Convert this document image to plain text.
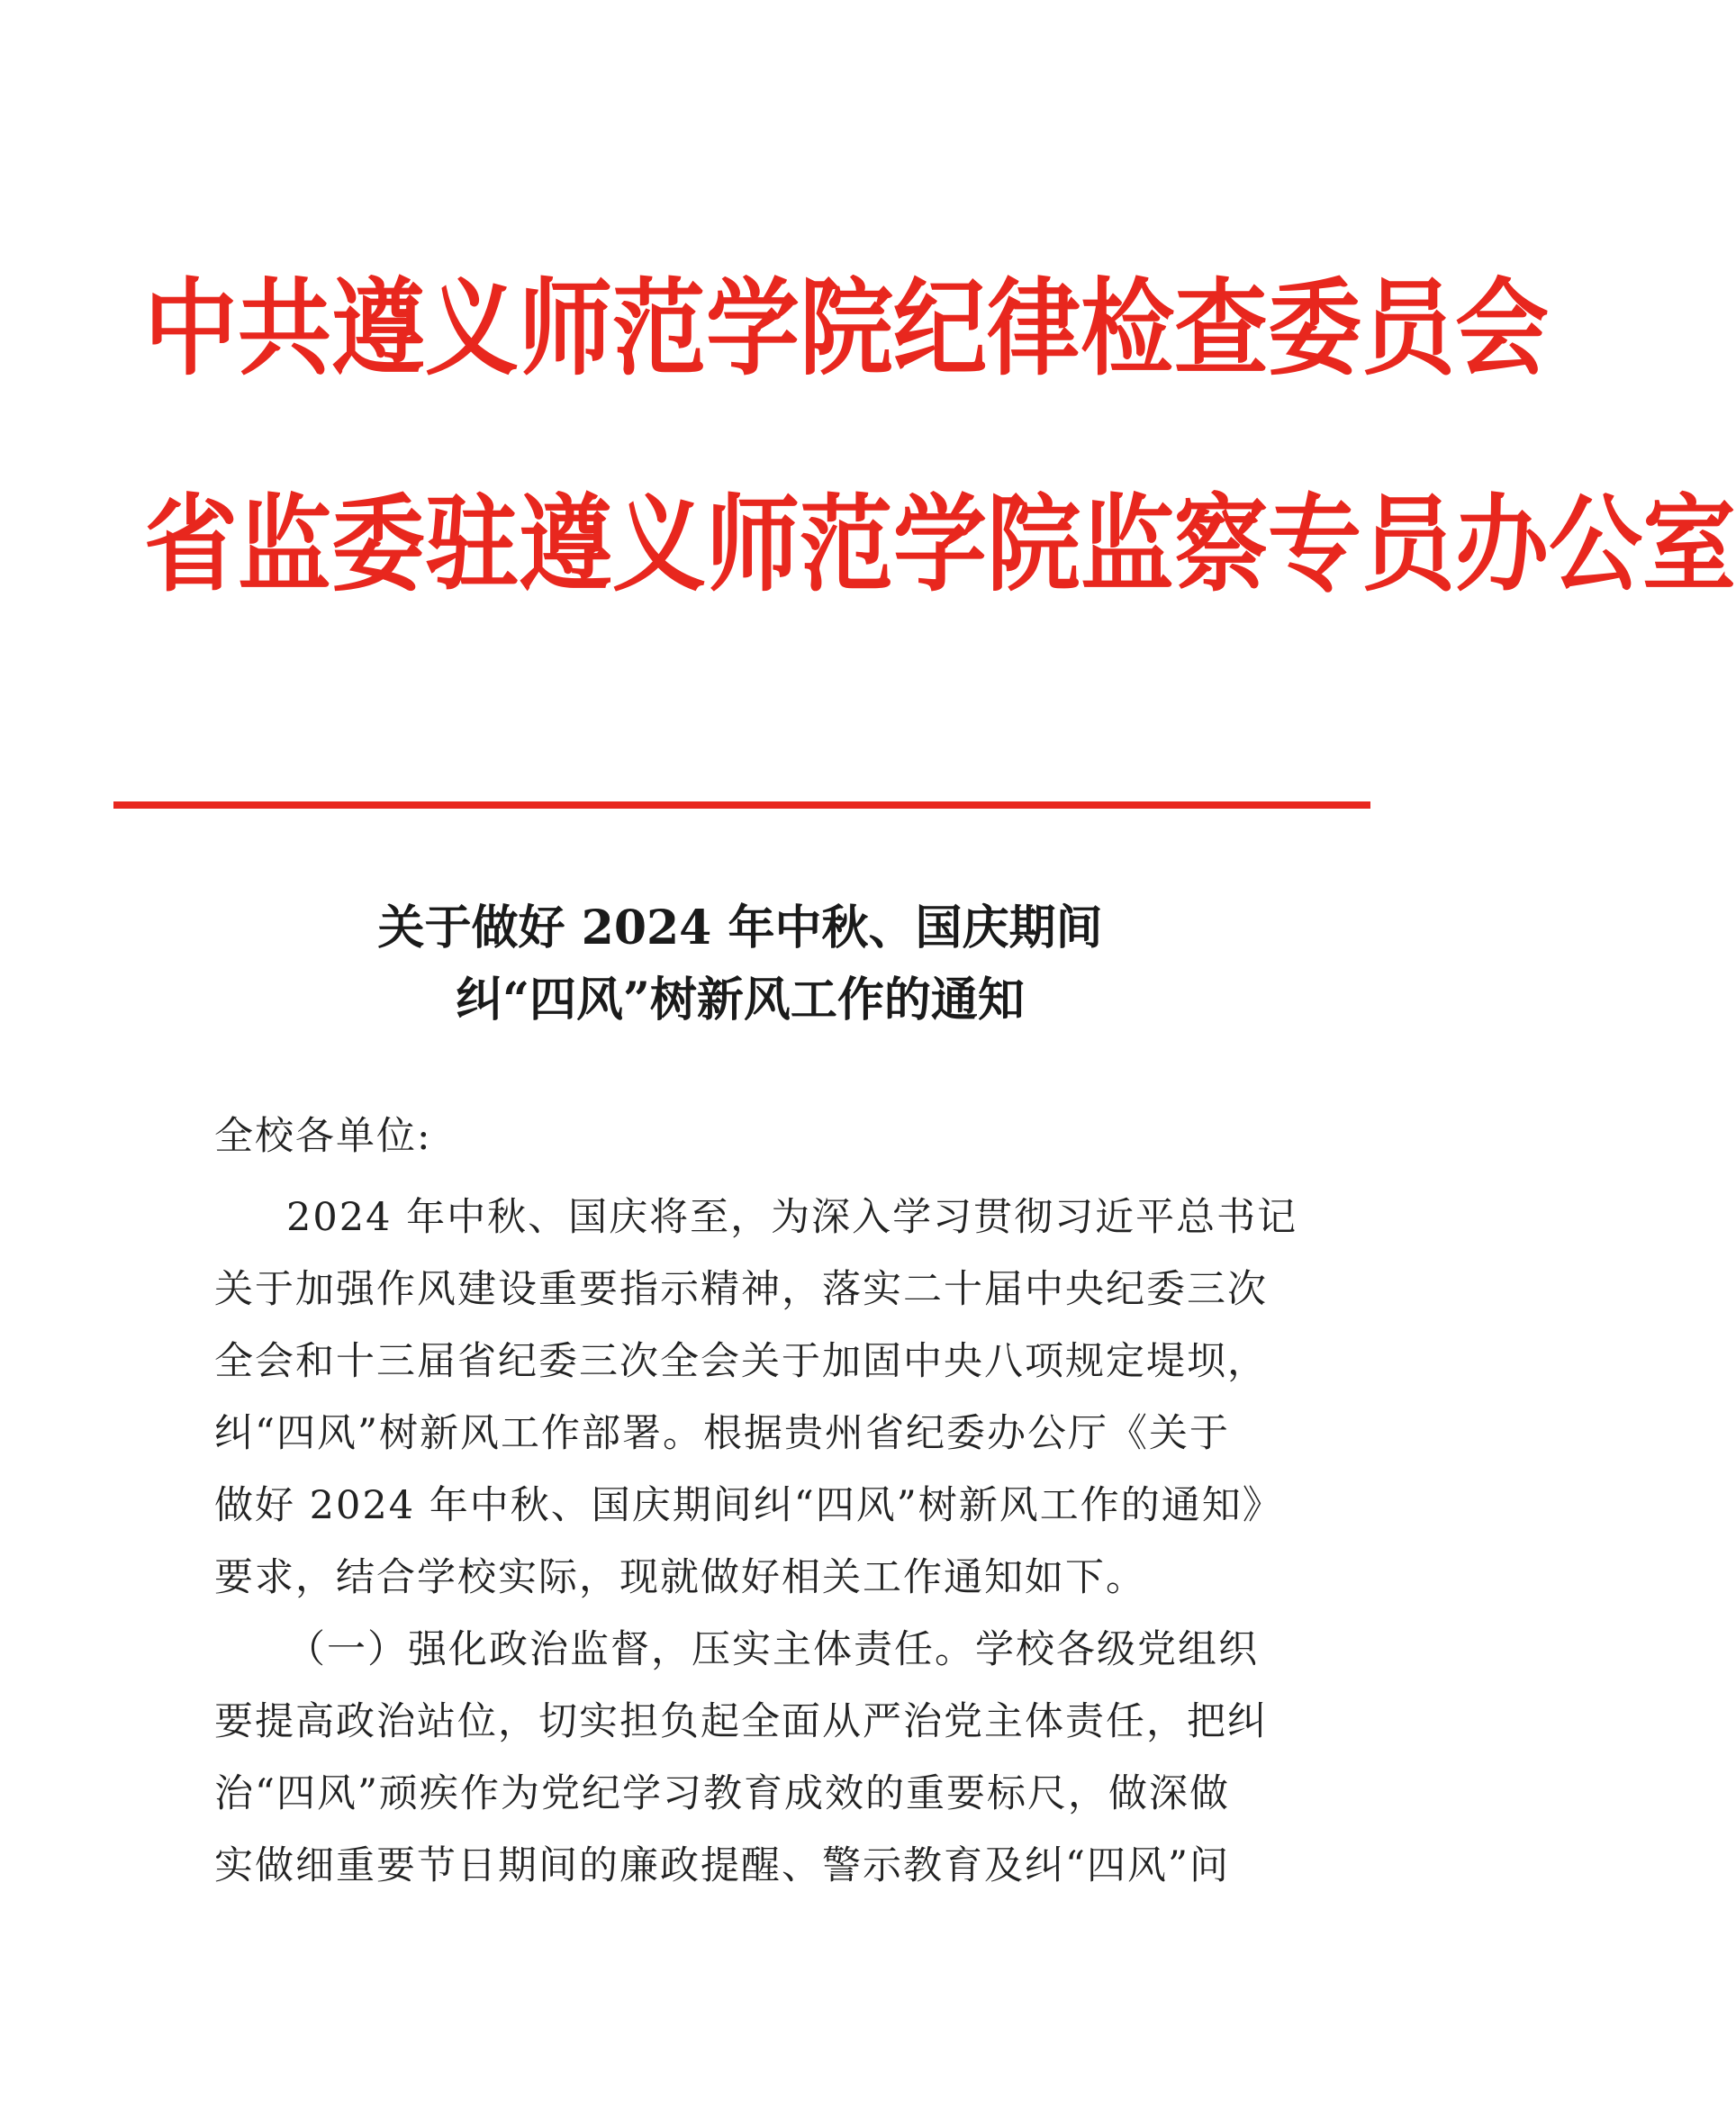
中共遵义师范学院纪律检查委员会
省监委驻遵义师范学院监察专员办公室
关于做好 2024 年中秋、国庆期间
纠“四风”树新风工作的通知
全校各单位:
2024 年中秋、国庆将至，为深入学习贯彻习近平总书记
关于加强作风建设重要指示精神，落实二十届中央纪委三次
全会和十三届省纪委三次全会关于加固中央八项规定堤坝，
纠“四风”树新风工作部署。根据贵州省纪委办公厅《关于
做好 2024 年中秋、国庆期间纠“四风”树新风工作的通知》
要求，结合学校实际，现就做好相关工作通知如下。
（一）强化政治监督，压实主体责任。学校各级党组织
要提高政治站位，切实担负起全面从严治党主体责任，把纠
治“四风”顽疾作为党纪学习教育成效的重要标尺，做深做
实做细重要节日期间的廉政提醒、警示教育及纠“四风”问
